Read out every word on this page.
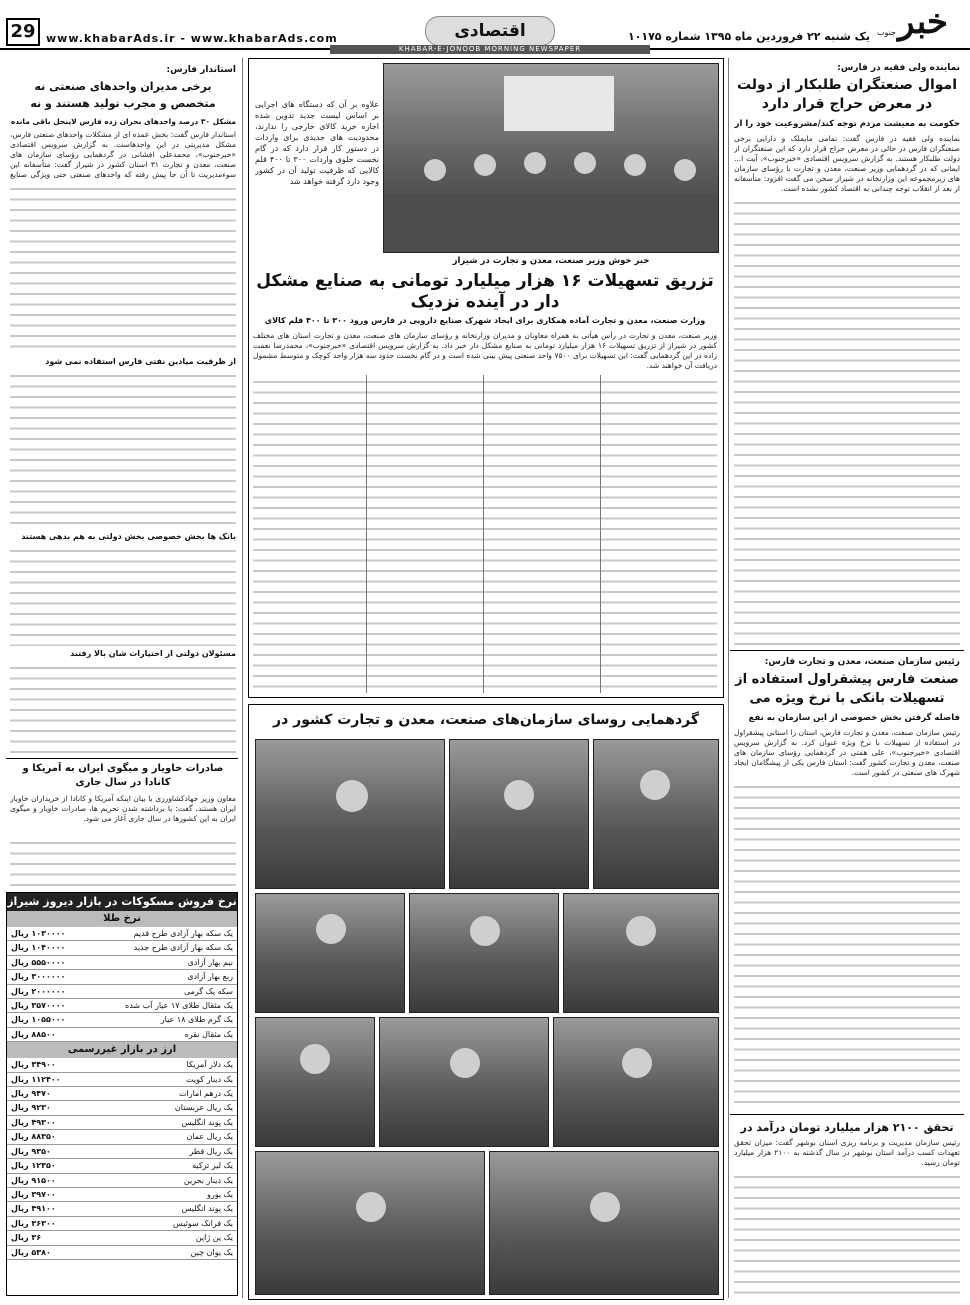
خبر
جنوب
یک شنبه ۲۲ فروردین ماه ۱۳۹۵ شماره ۱۰۱۷۵
اقتصادی
www.khabarAds.ir - www.khabarAds.com
29
KHABAR-E-JONOOB MORNING NEWSPAPER
نماینده ولی فقیه در فارس:
اموال صنعتگران طلبکار از دولت در معرض حراج قرار دارد
حکومت به معیشت مردم توجه کند/مشروعیت خود را از
نماینده ولی فقیه در فارس گفت: تمامی مایملک و دارایی برخی صنعتگران فارس در حالی در معرض حراج قرار دارد که این صنعتگران از دولت طلبکار هستند. به گزارش سرویس اقتصادی «خبرجنوب»، آیت ا... ایمانی که در گردهمایی وزیر صنعت، معدن و تجارت با رؤسای سازمان های زیرمجموعه این وزارتخانه در شیراز سخن می گفت افزود: متأسفانه از بعد از انقلاب توجه چندانی به اقتصاد کشور نشده است.
رئیس سازمان صنعت، معدن و تجارت فارس:
صنعت فارس پیشقراول استفاده از تسهیلات بانکی با نرخ ویژه می
فاصله گرفتن بخش خصوصی از این سازمان به نفع
رئیس سازمان صنعت، معدن و تجارت فارس، استان را استانی پیشقراول در استفاده از تسهیلات با نرخ ویژه عنوان کرد. به گزارش سرویس اقتصادی «خبرجنوب»، علی همتی در گردهمایی رؤسای سازمان های صنعت، معدن و تجارت کشور گفت: استان فارس یکی از پیشگامان ایجاد شهرک های صنعتی در کشور است.
تحقق ۲۱۰۰ هزار میلیارد تومان درآمد در
رئیس سازمان مدیریت و برنامه ریزی استان بوشهر گفت: میزان تحقق تعهدات کسب درآمد استان بوشهر در سال گذشته به ۲۱۰۰ هزار میلیارد تومان رسید.
خبر خوش وزیر صنعت، معدن و تجارت در شیراز
علاوه بر آن که دستگاه های اجرایی بر اساس لیست جدید تدوین شده اجازه خرید کالای خارجی را ندارند، محدودیت های جدیدی برای واردات در دستور کار قرار دارد که در گام نخست حلوی واردات ۳۰۰ تا ۴۰۰ قلم کالایی که ظرفیت تولید آن در کشور وجود دارد گرفته خواهد شد
تزریق تسهیلات ۱۶ هزار میلیارد تومانی به صنایع مشکل دار در آینده نزدیک
وزارت صنعت، معدن و تجارت آماده همکاری برای ایجاد شهرک صنایع دارویی در فارس ورود ۳۰۰ تا ۴۰۰ قلم کالای
وزیر صنعت، معدن و تجارت در رأس هیأتی به همراه معاونان و مدیران وزارتخانه و رؤسای سازمان های صنعت، معدن و تجارت استان های مختلف کشور در شیراز از تزریق تسهیلات ۱۶ هزار میلیارد تومانی به صنایع مشکل دار خبر داد. به گزارش سرویس اقتصادی «خبرجنوب»، محمدرضا نعمت زاده در این گردهمایی گفت: این تسهیلات برای ۷۵۰۰ واحد صنعتی پیش بینی شده است و در گام نخست حدود سه هزار واحد کوچک و متوسط مشمول دریافت آن خواهند شد.
گردهمایی روسای سازمان‌های صنعت، معدن و تجارت کشور در
استاندار فارس:
برخی مدیران واحدهای صنعتی نه متخصص و مجرب تولید هستند و نه
مشکل ۳۰ درصد واحدهای بحران زده فارس لاینحل باقی مانده
استاندار فارس گفت: بخش عمده ای از مشکلات واحدهای صنعتی فارس، مشکل مدیریتی در این واحدهاست. به گزارش سرویس اقتصادی «خبرجنوب»، محمدعلی افشانی در گردهمایی رؤسای سازمان های صنعت، معدن و تجارت ۳۱ استان کشور در شیراز گفت: متأسفانه این سوءمدیریت تا آن جا پیش رفته که واحدهای صنعتی حتی ویژگی صنایع
از ظرفیت میادین نفتی فارس استفاده نمی شود
بانک ها بخش خصوصی بخش دولتی به هم بدهی هستند
مسئولان دولتی از اختیارات شان بالا رفتند
صادرات خاویار و میگوی ایران به آمریکا و کانادا در سال جاری
معاون وزیر جهادکشاورزی با بیان اینکه آمریکا و کانادا از خریداران خاویار ایران هستند، گفت: با برداشته شدن تحریم ها، صادرات خاویار و میگوی ایران به این کشورها در سال جاری آغاز می شود.
نرخ فروش مسکوکات در بازار دیروز شیراز
نرخ طلا
یک سکه بهار آزادی طرح قدیم
۱۰۳۰۰۰۰ ریال
یک سکه بهار آزادی طرح جدید
۱۰۴۰۰۰۰ ریال
نیم بهار آزادی
۵۵۵۰۰۰۰ ریال
ربع بهار آزادی
۳۰۰۰۰۰۰ ریال
سکه یک گرمی
۲۰۰۰۰۰۰ ریال
یک مثقال طلای ۱۷ عیار آب شده
۳۵۷۰۰۰۰ ریال
یک گرم طلای ۱۸ عیار
۱۰۵۵۰۰۰ ریال
یک مثقال نقره
۸۸۵۰۰ ریال
ارز در بازار غیررسمی
یک دلار آمریکا
۳۴۹۰۰ ریال
یک دینار کویت
۱۱۲۴۰۰ ریال
یک درهم امارات
۹۴۷۰ ریال
یک ریال عربستان
۹۲۳۰ ریال
یک پوند انگلیس
۴۹۳۰۰ ریال
یک ریال عمان
۸۸۳۵۰ ریال
یک ریال قطر
۹۳۵۰ ریال
یک لیر ترکیه
۱۲۳۵۰ ریال
یک دینار بحرین
۹۱۵۰۰ ریال
یک یورو
۳۹۷۰۰ ریال
یک پوند انگلیس
۴۹۱۰۰ ریال
یک فرانک سوئیس
۳۶۳۰۰ ریال
یک ین ژاپن
۳۶ ریال
یک یوان چین
۵۳۸۰ ریال
